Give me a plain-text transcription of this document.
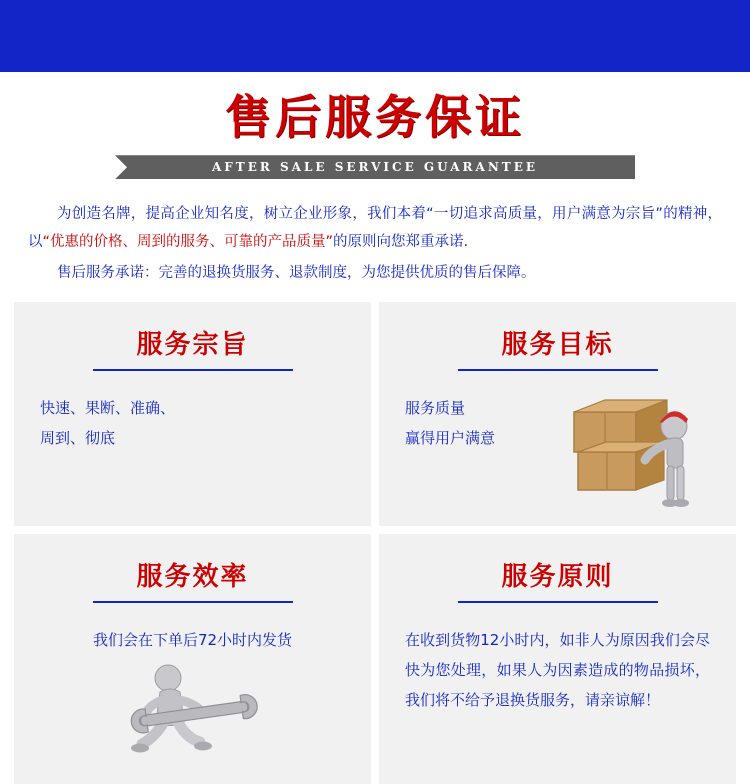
售后服务保证
AFTER SALE SERVICE GUARANTEE

为创造名牌，提高企业知名度，树立企业形象，我们本着“一切追求高质量，用户满意为宗旨”的精神，以“优惠的价格、周到的服务、可靠的产品质量”的原则向您郑重承诺.

售后服务承诺：完善的退换货服务、退款制度，为您提供优质的售后保障。

服务宗旨
快速、果断、准确、
周到、彻底
服务目标
服务质量
赢得用户满意
服务效率
我们会在下单后72小时内发货
服务原则
在收到货物12小时内，如非人为原因我们会尽快为您处理，如果人为因素造成的物品损坏，我们将不给予退换货服务，请亲谅解！
